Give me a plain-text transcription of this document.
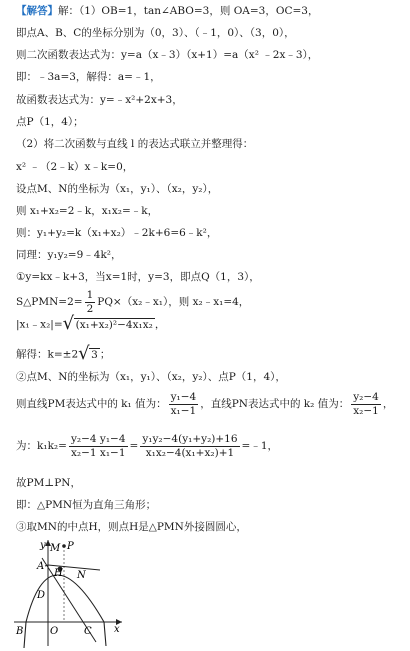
【解答】解：（1）OB=1，tan∠ABO=3，则 OA=3，OC=3，
即点A、B、C的坐标分别为（0，3）、（﹣1，0）、（3，0），
则二次函数表达式为：y=a（x﹣3）（x+1）=a（x² ﹣2x﹣3），
即：﹣3a=3，解得：a=﹣1，
故函数表达式为：y=﹣x²+2x+3，
点P（1，4）；
（2）将二次函数与直线 l 的表达式联立并整理得：
x² ﹣（2﹣k）x﹣k=0，
设点M、N的坐标为（x₁，y₁）、（x₂，y₂），
则 x₁+x₂=2﹣k，x₁x₂=﹣k，
则：y₁+y₂=k（x₁+x₂）﹣2k+6=6﹣k²，
同理：y₁y₂=9﹣4k²，
①y=kx﹣k+3，当x=1时，y=3，即点Q（1，3），
S△PMN=2= $\frac{1}{2}$ PQ×（x₂﹣x₁），则 x₂﹣x₁=4，
|x₁﹣x₂|= √ (x₁+x₂)²−4x₁x₂ ，
解得：k=±2 √ 3 ；
②点M、N的坐标为（x₁，y₁）、（x₂，y₂）、点P（1，4），
则直线PM表达式中的 k₁ 值为： $\frac{\text{y₁−4}}{\text{x₁−1}}$ ，直线PN表达式中的 k₂ 值为： $\frac{\text{y₂−4}}{\text{x₂−1}}$ ，
为：$k_1k_2= \frac{\text{y₂−4 y₁−4}}{\text{x₂−1 x₁−1}} = \frac{\text{y₁y₂−4(y₁+y₂)+16}}{\text{x₁x₂−4(x₁+x₂)+1}}$ =﹣1，
故PM⊥PN，
即：△PMN恒为直角三角形；
③取MN的中点H，则点H是△PMN外接圆圆心，
y M P
H
A
N
D
B	O	C x
